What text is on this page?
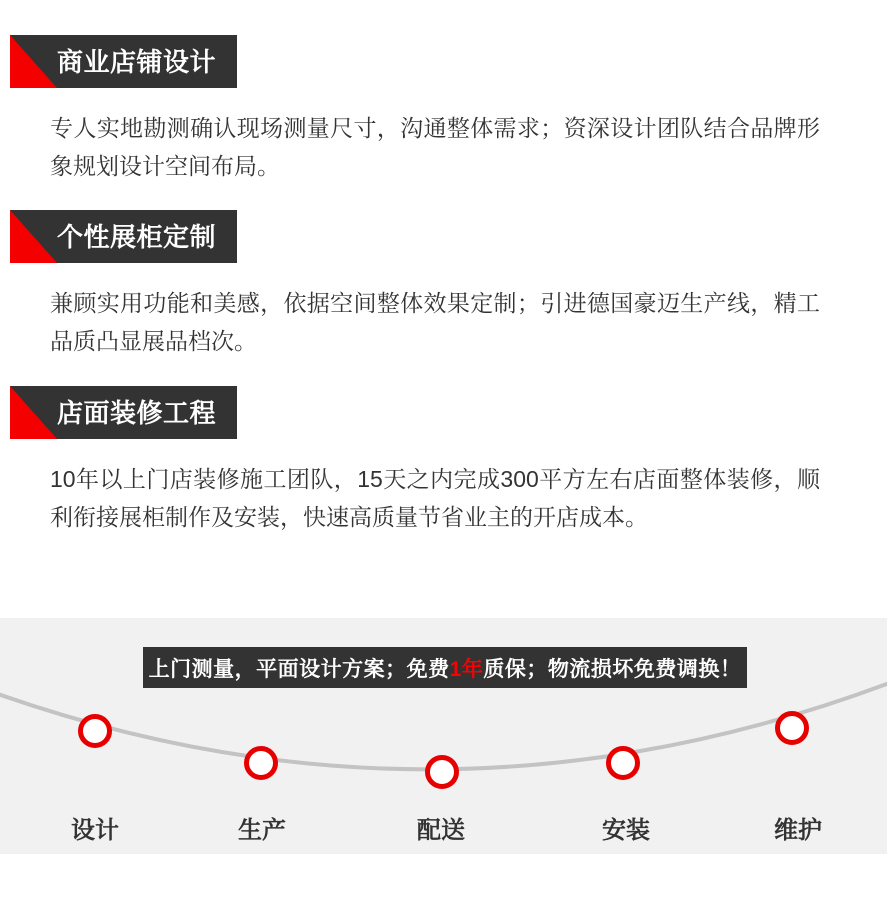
商业店铺设计

专人实地勘测确认现场测量尺寸，沟通整体需求；资深设计团队结合品牌形象规划设计空间布局。

个性展柜定制

兼顾实用功能和美感，依据空间整体效果定制；引进德国豪迈生产线，精工品质凸显展品档次。

店面装修工程

10年以上门店装修施工团队，15天之内完成300平方左右店面整体装修，顺利衔接展柜制作及安装，快速高质量节省业主的开店成本。

上门测量，平面设计方案；免费 1年 质保；物流损坏免费调换！
设计	生产	配送	安装	维护
